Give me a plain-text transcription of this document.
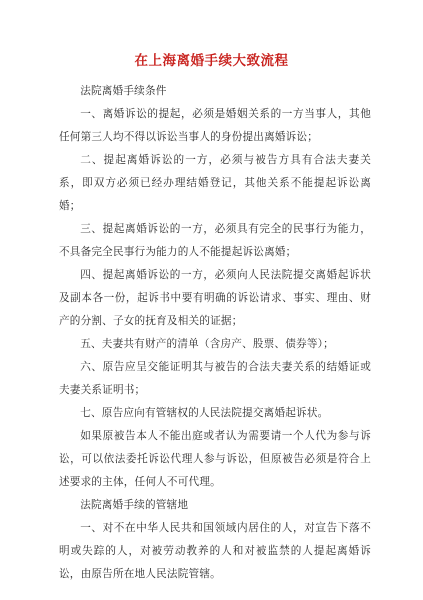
在上海离婚手续大致流程

法院离婚手续条件

一、离婚诉讼的提起，必须是婚姻关系的一方当事人，其他任何第三人均不得以诉讼当事人的身份提出离婚诉讼；

二、提起离婚诉讼的一方，必须与被告方具有合法夫妻关系，即双方必须已经办理结婚登记，其他关系不能提起诉讼离婚；

三、提起离婚诉讼的一方，必须具有完全的民事行为能力，不具备完全民事行为能力的人不能提起诉讼离婚；

四、提起离婚诉讼的一方，必须向人民法院提交离婚起诉状及副本各一份，起诉书中要有明确的诉讼请求、事实、理由、财产的分割、子女的抚育及相关的证据；

五、夫妻共有财产的清单（含房产、股票、债券等）；

六、原告应呈交能证明其与被告的合法夫妻关系的结婚证或夫妻关系证明书；

七、原告应向有管辖权的人民法院提交离婚起诉状。

如果原被告本人不能出庭或者认为需要请一个人代为参与诉讼，可以依法委托诉讼代理人参与诉讼，但原被告必须是符合上述要求的主体，任何人不可代理。

法院离婚手续的管辖地

一、对不在中华人民共和国领域内居住的人，对宣告下落不明或失踪的人，对被劳动教养的人和对被监禁的人提起离婚诉讼，由原告所在地人民法院管辖。
